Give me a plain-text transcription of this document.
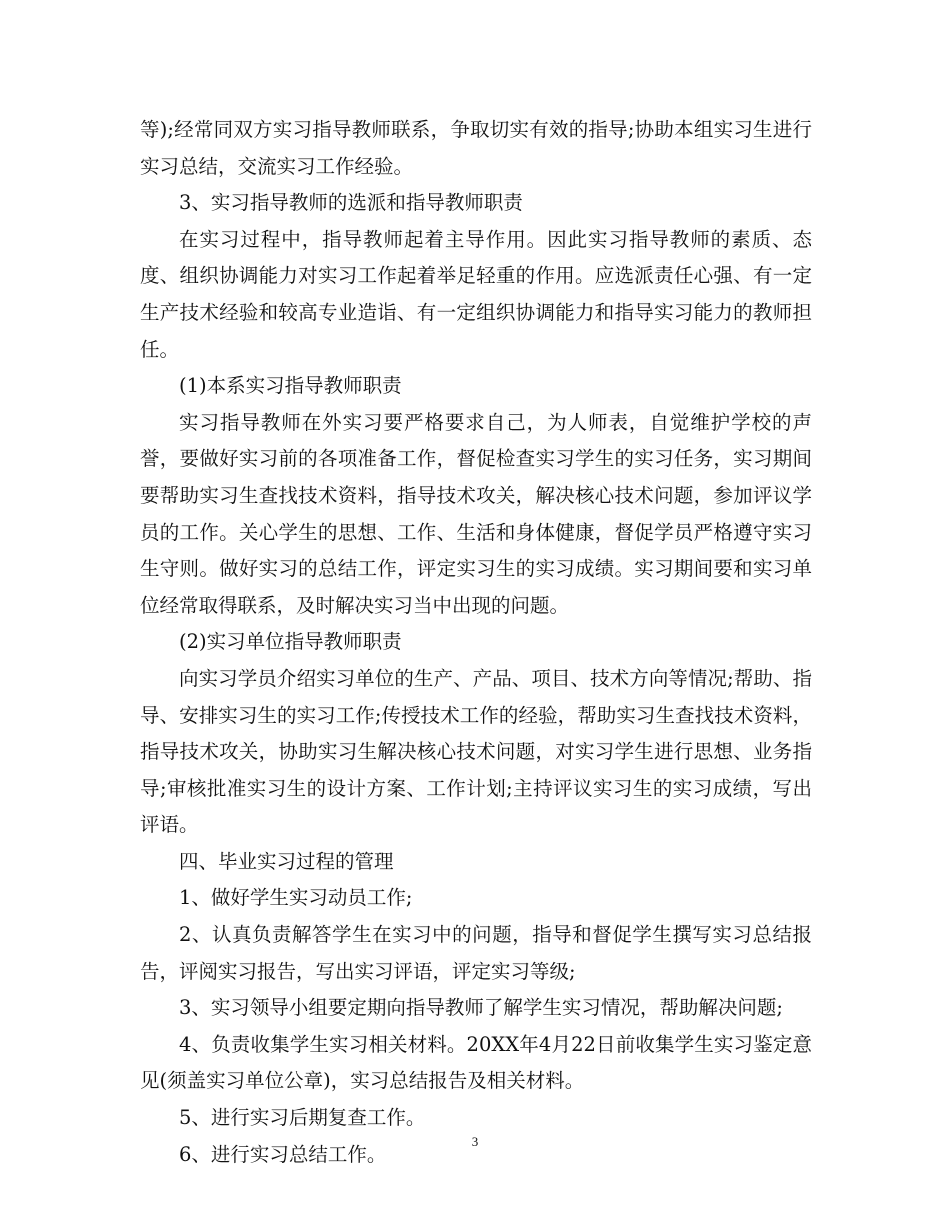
等);经常同双方实习指导教师联系，争取切实有效的指导;协助本组实习生进行实习总结，交流实习工作经验。

3、实习指导教师的选派和指导教师职责

在实习过程中，指导教师起着主导作用。因此实习指导教师的素质、态度、组织协调能力对实习工作起着举足轻重的作用。应选派责任心强、有一定生产技术经验和较高专业造诣、有一定组织协调能力和指导实习能力的教师担任。

(1)本系实习指导教师职责

实习指导教师在外实习要严格要求自己，为人师表，自觉维护学校的声誉，要做好实习前的各项准备工作，督促检查实习学生的实习任务，实习期间要帮助实习生查找技术资料，指导技术攻关，解决核心技术问题，参加评议学员的工作。关心学生的思想、工作、生活和身体健康，督促学员严格遵守实习生守则。做好实习的总结工作，评定实习生的实习成绩。实习期间要和实习单位经常取得联系，及时解决实习当中出现的问题。

(2)实习单位指导教师职责

向实习学员介绍实习单位的生产、产品、项目、技术方向等情况;帮助、指导、安排实习生的实习工作;传授技术工作的经验，帮助实习生查找技术资料，指导技术攻关，协助实习生解决核心技术问题，对实习学生进行思想、业务指导;审核批准实习生的设计方案、工作计划;主持评议实习生的实习成绩，写出评语。

四、毕业实习过程的管理

1、做好学生实习动员工作;

2、认真负责解答学生在实习中的问题，指导和督促学生撰写实习总结报告，评阅实习报告，写出实习评语，评定实习等级;

3、实习领导小组要定期向指导教师了解学生实习情况，帮助解决问题;

4、负责收集学生实习相关材料。20XX年4月22日前收集学生实习鉴定意见(须盖实习单位公章)，实习总结报告及相关材料。

5、进行实习后期复查工作。

6、进行实习总结工作。

3
